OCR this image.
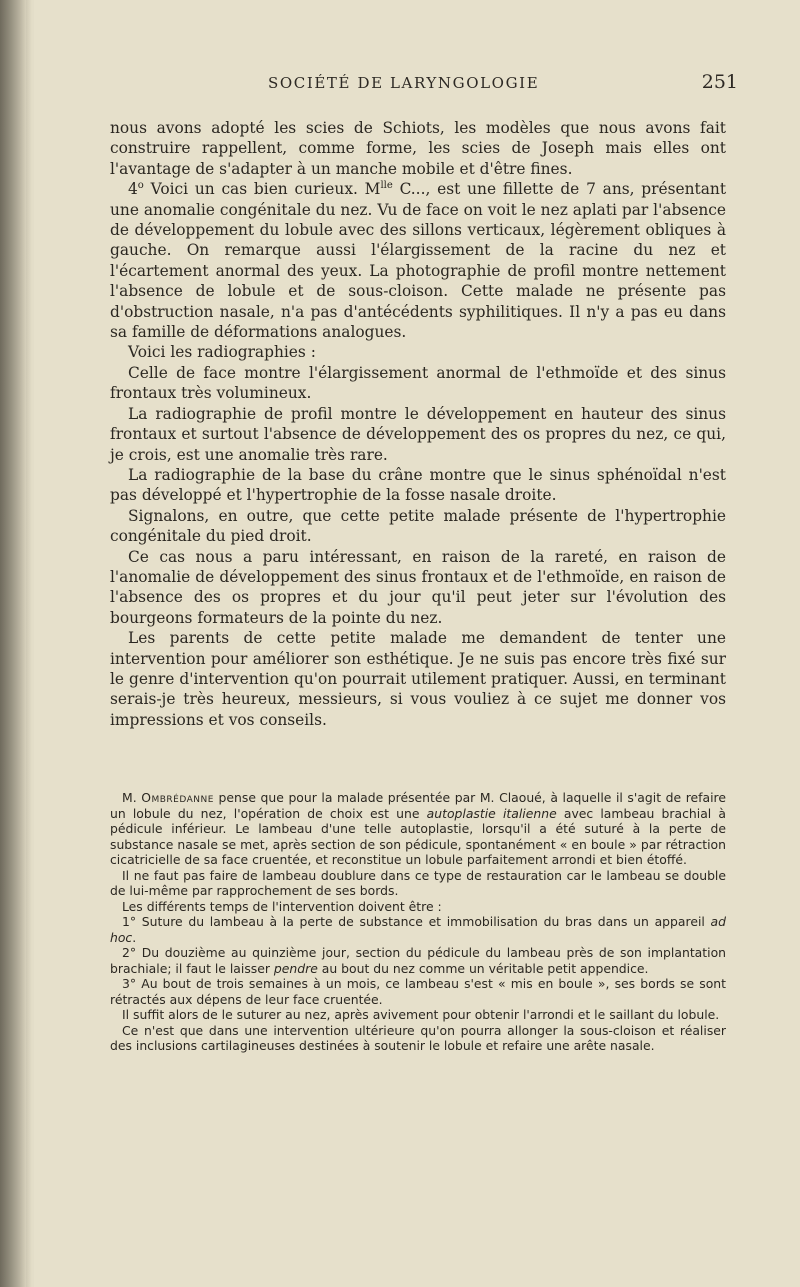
SOCIÉTÉ DE LARYNGOLOGIE	251

nous avons adopté les scies de Schiots, les modèles que nous avons fait construire rappellent, comme forme, les scies de Joseph mais elles ont l'avantage de s'adapter à un manche mobile et d'être fines.

4$^o$ Voici un cas bien curieux. $M^{lle}$ C..., est une fillette de 7 ans, présentant une anomalie congénitale du nez. Vu de face on voit le nez aplati par l'absence de développement du lobule avec des sillons verticaux, légèrement obliques à gauche. On remarque aussi l'élargissement de la racine du nez et l'écartement anormal des yeux. La photographie de profil montre nettement l'absence de lobule et de sous-cloison. Cette malade ne présente pas d'obstruction nasale, n'a pas d'antécédents syphilitiques. Il n'y a pas eu dans sa famille de déformations analogues.

Voici les radiographies :

Celle de face montre l'élargissement anormal de l'ethmoïde et des sinus frontaux très volumineux.

La radiographie de profil montre le développement en hauteur des sinus frontaux et surtout l'absence de développement des os propres du nez, ce qui, je crois, est une anomalie très rare.

La radiographie de la base du crâne montre que le sinus sphénoïdal n'est pas développé et l'hypertrophie de la fosse nasale droite.

Signalons, en outre, que cette petite malade présente de l'hypertrophie congénitale du pied droit.

Ce cas nous a paru intéressant, en raison de la rareté, en raison de l'anomalie de développement des sinus frontaux et de l'ethmoïde, en raison de l'absence des os propres et du jour qu'il peut jeter sur l'évolution des bourgeons formateurs de la pointe du nez.

Les parents de cette petite malade me demandent de tenter une intervention pour améliorer son esthétique. Je ne suis pas encore très fixé sur le genre d'intervention qu'on pourrait utilement pratiquer. Aussi, en terminant serais-je très heureux, messieurs, si vous vouliez à ce sujet me donner vos impressions et vos conseils.

M. Ombrédanne pense que pour la malade présentée par M. Claoué, à laquelle il s'agit de refaire un lobule du nez, l'opération de choix est une autoplastie italienne avec lambeau brachial à pédicule inférieur. Le lambeau d'une telle autoplastie, lorsqu'il a été suturé à la perte de substance nasale se met, après section de son pédicule, spontanément « en boule » par rétraction cicatricielle de sa face cruentée, et reconstitue un lobule parfaitement arrondi et bien étoffé.

Il ne faut pas faire de lambeau doublure dans ce type de restauration car le lambeau se double de lui-même par rapprochement de ses bords.

Les différents temps de l'intervention doivent être :

1° Suture du lambeau à la perte de substance et immobilisation du bras dans un appareil ad hoc.

2° Du douzième au quinzième jour, section du pédicule du lambeau près de son implantation brachiale; il faut le laisser pendre au bout du nez comme un véritable petit appendice.

3° Au bout de trois semaines à un mois, ce lambeau s'est « mis en boule », ses bords se sont rétractés aux dépens de leur face cruentée.

Il suffit alors de le suturer au nez, après avivement pour obtenir l'arrondi et le saillant du lobule.

Ce n'est que dans une intervention ultérieure qu'on pourra allonger la sous-cloison et réaliser des inclusions cartilagineuses destinées à soutenir le lobule et refaire une arête nasale.
